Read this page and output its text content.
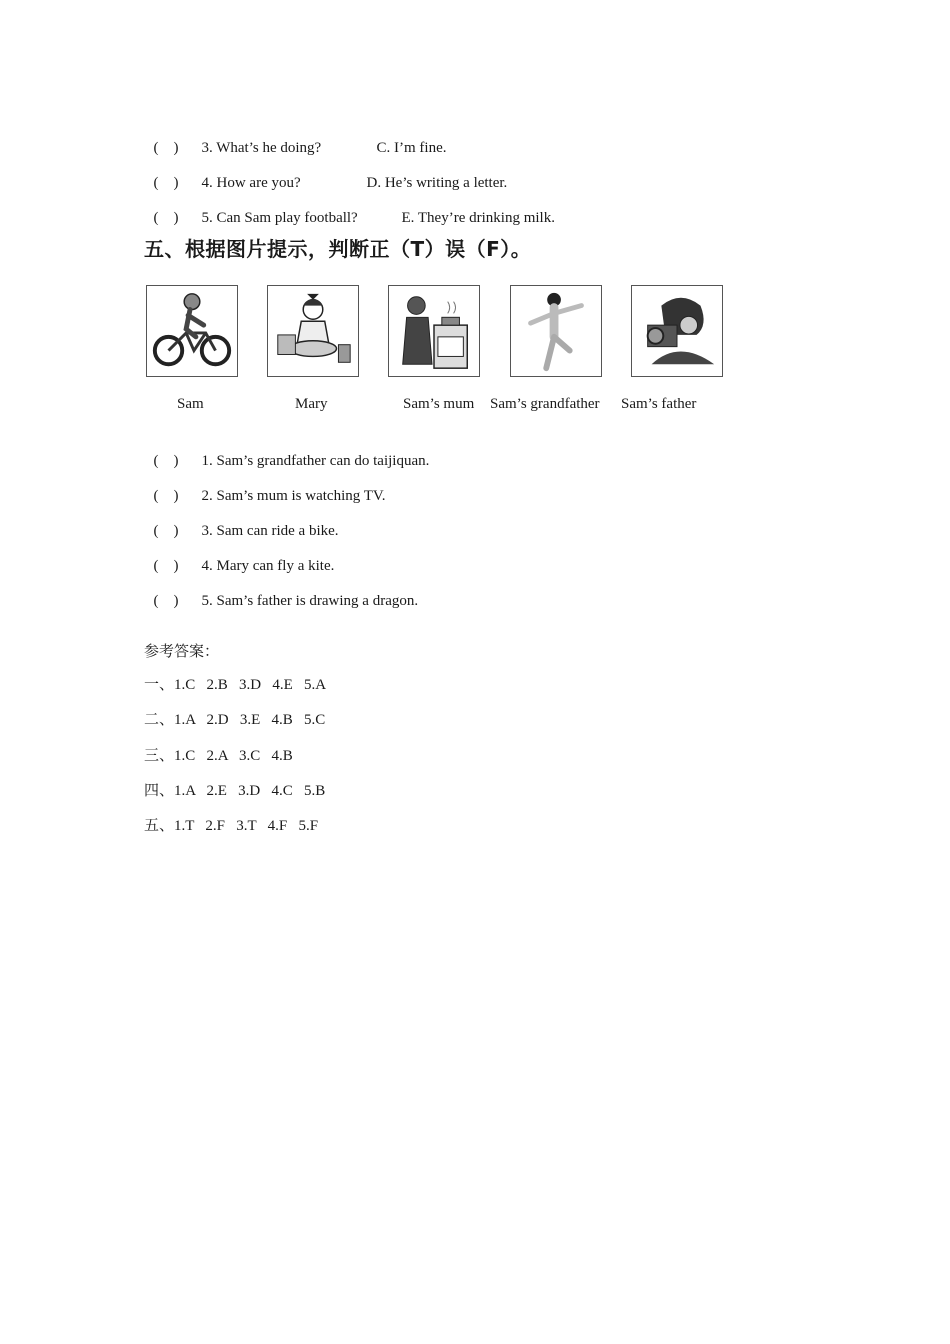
(    ) 3. What’s he doing?	C. I’m fine.

(    ) 4. How are you?	D. He’s writing a letter.

(    ) 5. Can Sam play football?	E. They’re drinking milk.

五、根据图片提示，判断正（T）误（F）。
Sam	Mary	Sam’s mum Sam’s grandfather Sam’s father

(    ) 1. Sam’s grandfather can do taijiquan.

(    ) 2. Sam’s mum is watching TV.

(    ) 3. Sam can ride a bike.

(    ) 4. Mary can fly a kite.

(    ) 5. Sam’s father is drawing a dragon.

参考答案：
一、1.C   2.B   3.D   4.E   5.A
二、1.A   2.D   3.E   4.B   5.C
三、1.C   2.A   3.C   4.B
四、1.A   2.E   3.D   4.C   5.B
五、1.T   2.F   3.T   4.F   5.F
